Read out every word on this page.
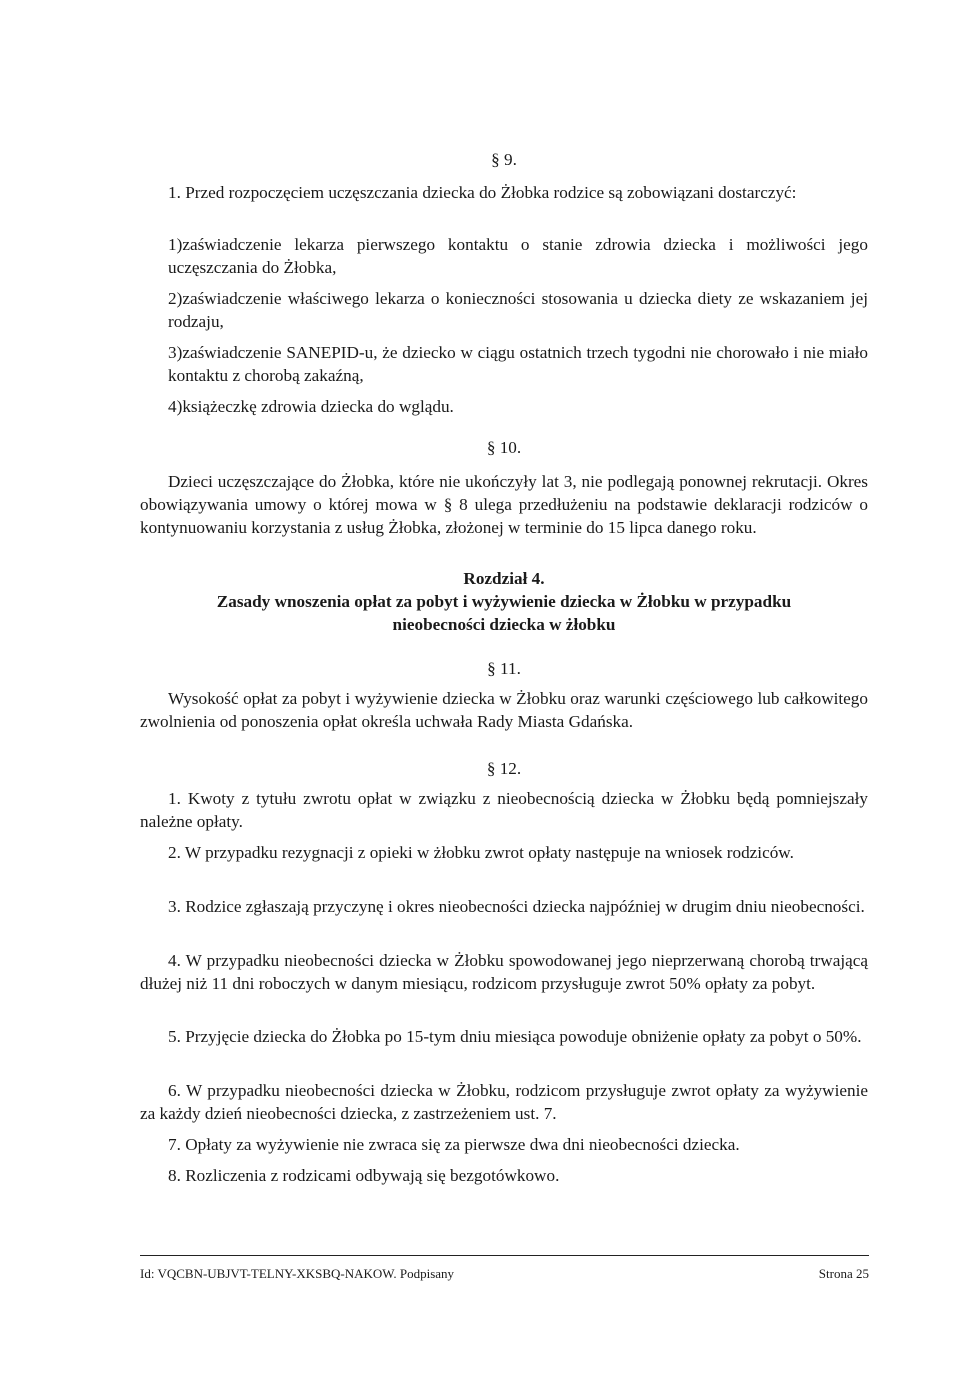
§ 9.
1. Przed rozpoczęciem uczęszczania dziecka do Żłobka rodzice są zobowiązani dostarczyć:
1)zaświadczenie lekarza pierwszego kontaktu o stanie zdrowia dziecka i możliwości jego uczęszczania do Żłobka,
2)zaświadczenie właściwego lekarza o konieczności stosowania u dziecka diety ze wskazaniem jej rodzaju,
3)zaświadczenie SANEPID-u, że dziecko w ciągu ostatnich trzech tygodni nie chorowało i nie miało kontaktu z chorobą zakaźną,
4)książeczkę zdrowia dziecka do wglądu.
§ 10.
Dzieci uczęszczające do Żłobka, które nie ukończyły lat 3, nie podlegają ponownej rekrutacji. Okres obowiązywania umowy o której mowa w § 8 ulega przedłużeniu na podstawie deklaracji rodziców o kontynuowaniu korzystania z usług Żłobka, złożonej w terminie do 15 lipca danego roku.
Rozdział 4.
Zasady wnoszenia opłat za pobyt i wyżywienie dziecka w Żłobku w przypadku
nieobecności dziecka w żłobku
§ 11.
Wysokość opłat za pobyt i wyżywienie dziecka w Żłobku oraz warunki częściowego lub całkowitego zwolnienia od ponoszenia opłat określa uchwała Rady Miasta Gdańska.
§ 12.
1. Kwoty z tytułu zwrotu opłat w związku z nieobecnością dziecka w Żłobku będą pomniejszały należne opłaty.
2. W przypadku rezygnacji z opieki w żłobku zwrot opłaty następuje na wniosek rodziców.
3. Rodzice zgłaszają przyczynę i okres nieobecności dziecka najpóźniej w drugim dniu nieobecności.
4. W przypadku nieobecności dziecka w Żłobku spowodowanej jego nieprzerwaną chorobą trwającą dłużej niż 11 dni roboczych w danym miesiącu, rodzicom przysługuje zwrot 50% opłaty za pobyt.
5. Przyjęcie dziecka do Żłobka po 15-tym dniu miesiąca powoduje obniżenie opłaty za pobyt o 50%.
6. W przypadku nieobecności dziecka w Żłobku, rodzicom przysługuje zwrot opłaty za wyżywienie za każdy dzień nieobecności dziecka, z zastrzeżeniem ust. 7.
7. Opłaty za wyżywienie nie zwraca się za pierwsze dwa dni nieobecności dziecka.
8. Rozliczenia z rodzicami odbywają się bezgotówkowo.
Id: VQCBN-UBJVT-TELNY-XKSBQ-NAKOW. Podpisany	Strona 25
